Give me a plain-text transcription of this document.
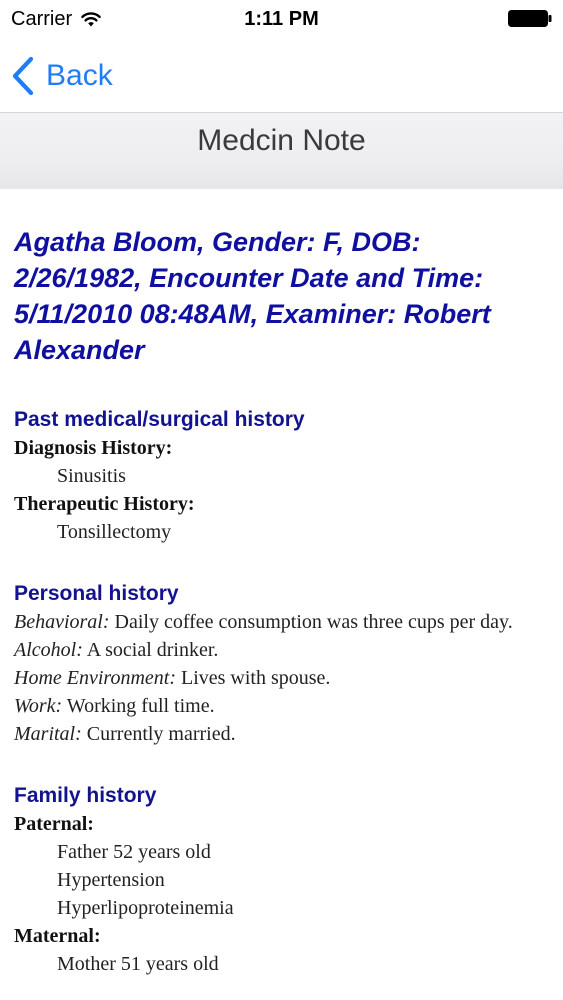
Carrier	1:11 PM
Back
Medcin Note
Agatha Bloom, Gender: F, DOB: 2/26/1982, Encounter Date and Time: 5/11/2010 08:48AM, Examiner: Robert Alexander
Past medical/surgical history

Diagnosis History:

Sinusitis

Therapeutic History:

Tonsillectomy

Personal history

Behavioral: Daily coffee consumption was three cups per day.

Alcohol: A social drinker.

Home Environment: Lives with spouse.

Work: Working full time.

Marital: Currently married.

Family history

Paternal:

Father 52 years old

Hypertension

Hyperlipoproteinemia

Maternal:

Mother 51 years old
